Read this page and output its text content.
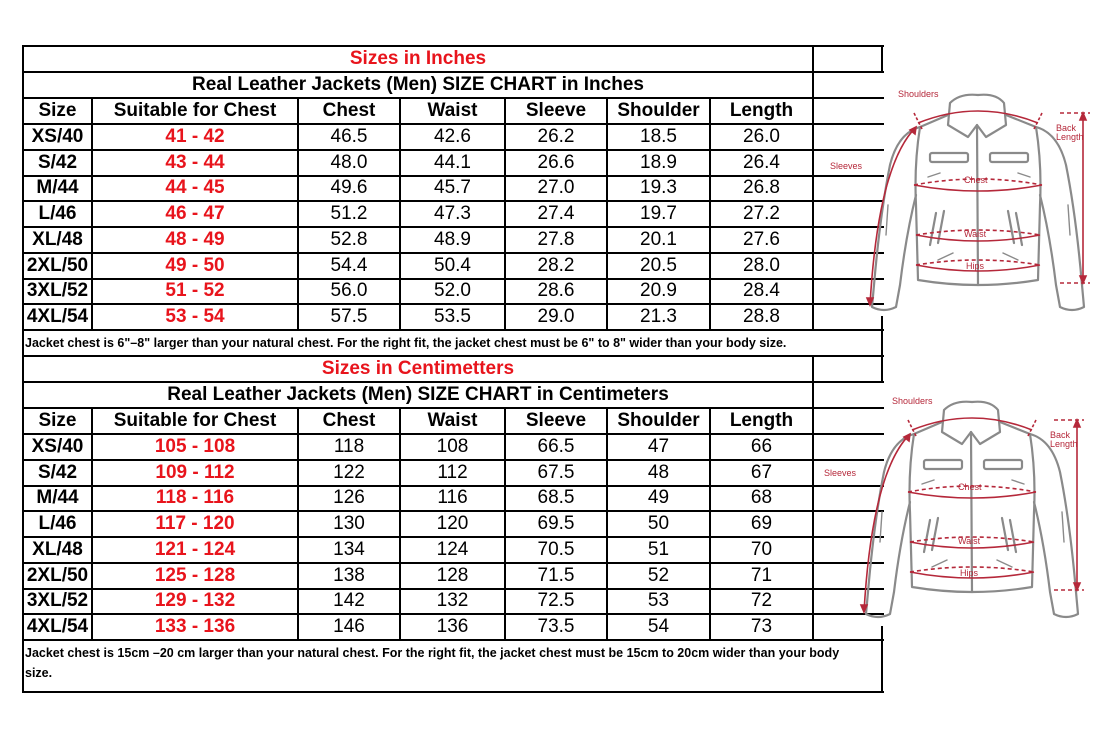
Sizes in Inches
Real Leather Jackets (Men) SIZE CHART in Inches
Size	Suitable for Chest	Chest	Waist	Sleeve	Shoulder	Length
XS/40	41 - 42	46.5	42.6	26.2	18.5	26.0
S/42	43 - 44	48.0	44.1	26.6	18.9	26.4
M/44	44 - 45	49.6	45.7	27.0	19.3	26.8
L/46	46 - 47	51.2	47.3	27.4	19.7	27.2
XL/48	48 - 49	52.8	48.9	27.8	20.1	27.6
2XL/50	49 - 50	54.4	50.4	28.2	20.5	28.0
3XL/52	51 - 52	56.0	52.0	28.6	20.9	28.4
4XL/54	53 - 54	57.5	53.5	29.0	21.3	28.8
Jacket chest is 6"–8" larger than your natural chest. For the right fit, the jacket chest must be 6" to 8" wider than your body size.
Sizes in Centimetters
Real Leather Jackets (Men) SIZE CHART in Centimeters
Size	Suitable for Chest	Chest	Waist	Sleeve	Shoulder	Length
XS/40	105 - 108	118	108	66.5	47	66
S/42	109 - 112	122	112	67.5	48	67
M/44	118 - 116	126	116	68.5	49	68
L/46	117 - 120	130	120	69.5	50	69
XL/48	121 - 124	134	124	70.5	51	70
2XL/50	125 - 128	138	128	71.5	52	71
3XL/52	129 - 132	142	132	72.5	53	72
4XL/54	133 - 136	146	136	73.5	54	73
Jacket chest is 15cm –20 cm larger than your natural chest. For the right fit, the jacket chest must be 15cm to 20cm wider than your body
size.
Shoulders
Sleeves
Chest
Waist
Hips
Back
Length
Shoulders
Sleeves
Chest
Waist
Hips
Back
Length
